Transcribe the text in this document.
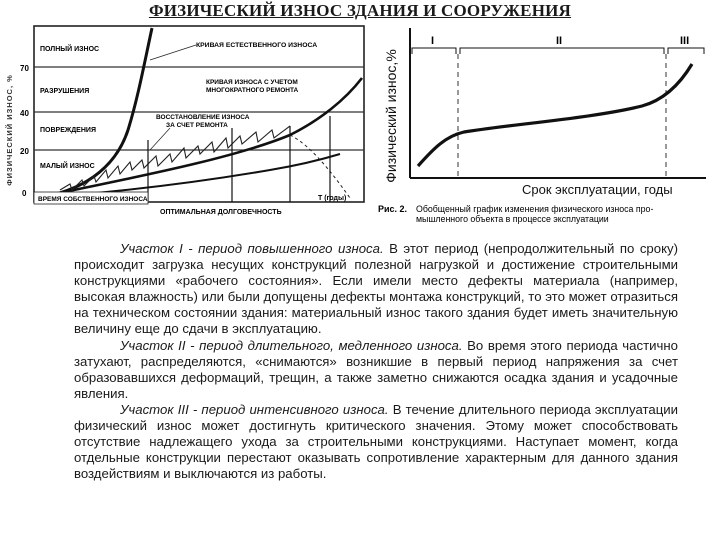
ФИЗИЧЕСКИЙ ИЗНОС ЗДАНИЯ И СООРУЖЕНИЯ
ФИЗИЧЕСКИЙ ИЗНОС, %
70
40
20
0
ПОЛНЫЙ ИЗНОС
РАЗРУШЕНИЯ
ПОВРЕЖДЕНИЯ
МАЛЫЙ ИЗНОС
КРИВАЯ ЕСТЕСТВЕННОГО ИЗНОСА
КРИВАЯ ИЗНОСА С УЧЕТОМ
МНОГОКРАТНОГО РЕМОНТА
ВОССТАНОВЛЕНИЕ ИЗНОСА
ЗА СЧЕТ РЕМОНТА
ВРЕМЯ СОБСТВЕННОГО ИЗНОСА	Т (годы)
ОПТИМАЛЬНАЯ ДОЛГОВЕЧНОСТЬ
Физический износ,%
I	II	III
Срок эксплуатации, годы
Рис. 2. Обобщенный график изменения физического износа про-
мышленного объекта в процессе эксплуатации

Участок I - период повышенного износа. В этот период (непродолжительный по сроку) происходит загрузка несущих конструкций полезной нагрузкой и достижение строительными конструкциями «рабочего состояния». Если имели место дефекты материала (например, высокая влажность) или были допущены дефекты монтажа конструкций, то это может отразиться на техническом состоянии здания: материальный износ такого здания будет иметь значительную величину еще до сдачи в эксплуатацию.

Участок II - период длительного, медленного износа. Во время этого периода частично затухают, распределяются, «снимаются» возникшие в первый период напряжения за счет образовавшихся деформаций, трещин, а также заметно снижаются осадка здания и усадочные явления.

Участок III - период интенсивного износа. В течение длительного периода эксплуатации физический износ может достигнуть критического значения. Этому может способствовать отсутствие надлежащего ухода за строительными конструкциями. Наступает момент, когда отдельные конструкции перестают оказывать сопротивление характерным для данного здания воздействиям и выключаются из работы.
